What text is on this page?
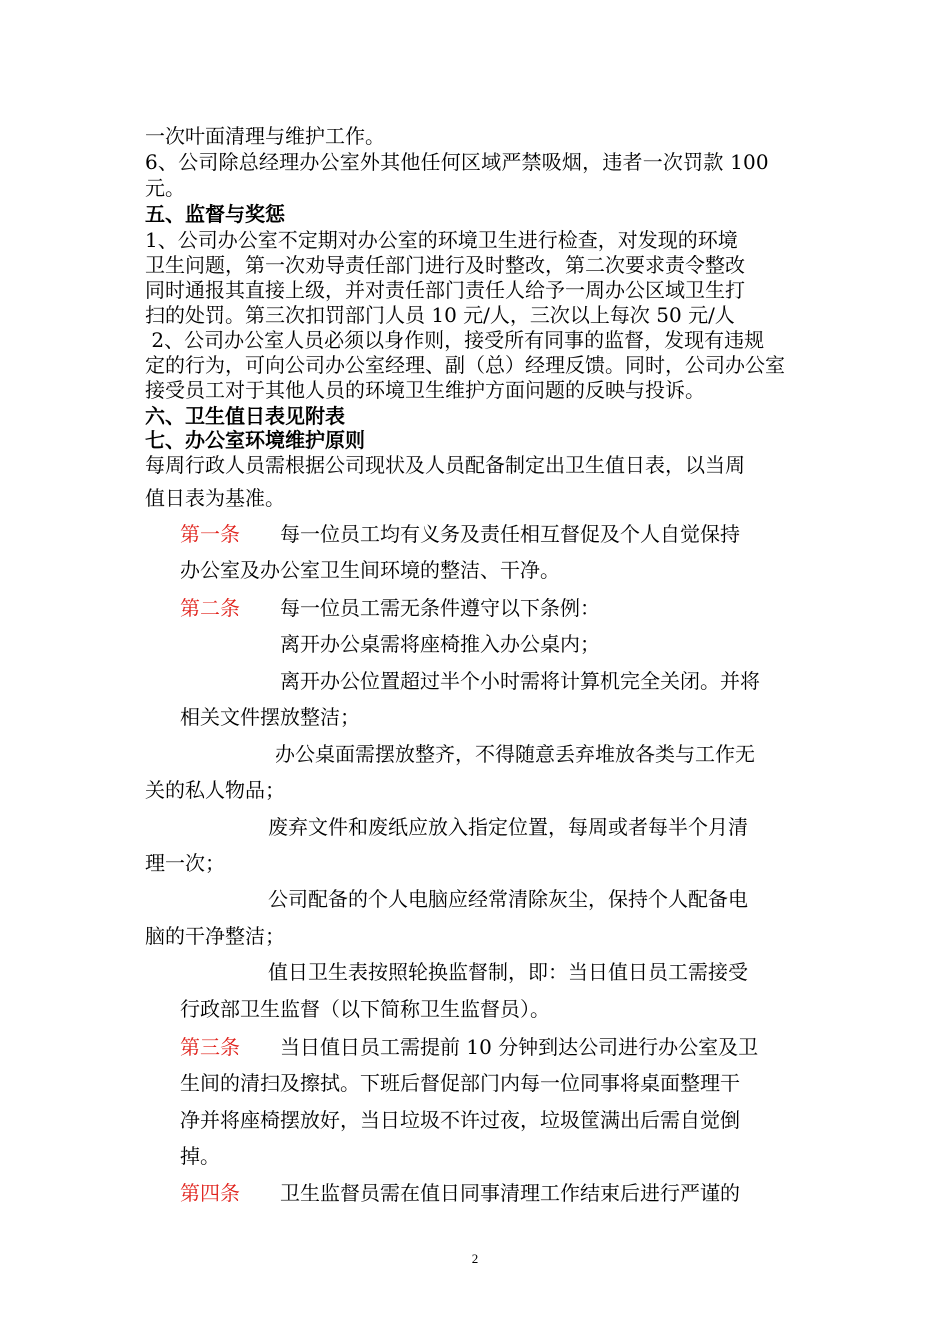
一次叶面清理与维护工作。
6、公司除总经理办公室外其他任何区域严禁吸烟，违者一次罚款 100
元。
五、监督与奖惩
1、公司办公室不定期对办公室的环境卫生进行检查，对发现的环境
卫生问题，第一次劝导责任部门进行及时整改，第二次要求责令整改
同时通报其直接上级，并对责任部门责任人给予一周办公区域卫生打
扫的处罚。第三次扣罚部门人员 10 元/人，三次以上每次 50 元/人
2、公司办公室人员必须以身作则，接受所有同事的监督，发现有违规
定的行为，可向公司办公室经理、副（总）经理反馈。同时，公司办公室
接受员工对于其他人员的环境卫生维护方面问题的反映与投诉。
六、卫生值日表见附表
七、办公室环境维护原则
每周行政人员需根据公司现状及人员配备制定出卫生值日表，以当周
值日表为基准。
第一条 每一位员工均有义务及责任相互督促及个人自觉保持
办公室及办公室卫生间环境的整洁、干净。
第二条 每一位员工需无条件遵守以下条例：
离开办公桌需将座椅推入办公桌内；
离开办公位置超过半个小时需将计算机完全关闭。并将
相关文件摆放整洁；
办公桌面需摆放整齐，不得随意丢弃堆放各类与工作无
关的私人物品；
废弃文件和废纸应放入指定位置，每周或者每半个月清
理一次；
公司配备的个人电脑应经常清除灰尘，保持个人配备电
脑的干净整洁；
值日卫生表按照轮换监督制，即：当日值日员工需接受
行政部卫生监督（以下简称卫生监督员）。
第三条 当日值日员工需提前 10 分钟到达公司进行办公室及卫
生间的清扫及擦拭。下班后督促部门内每一位同事将桌面整理干
净并将座椅摆放好，当日垃圾不许过夜，垃圾筐满出后需自觉倒
掉。
第四条 卫生监督员需在值日同事清理工作结束后进行严谨的
2
